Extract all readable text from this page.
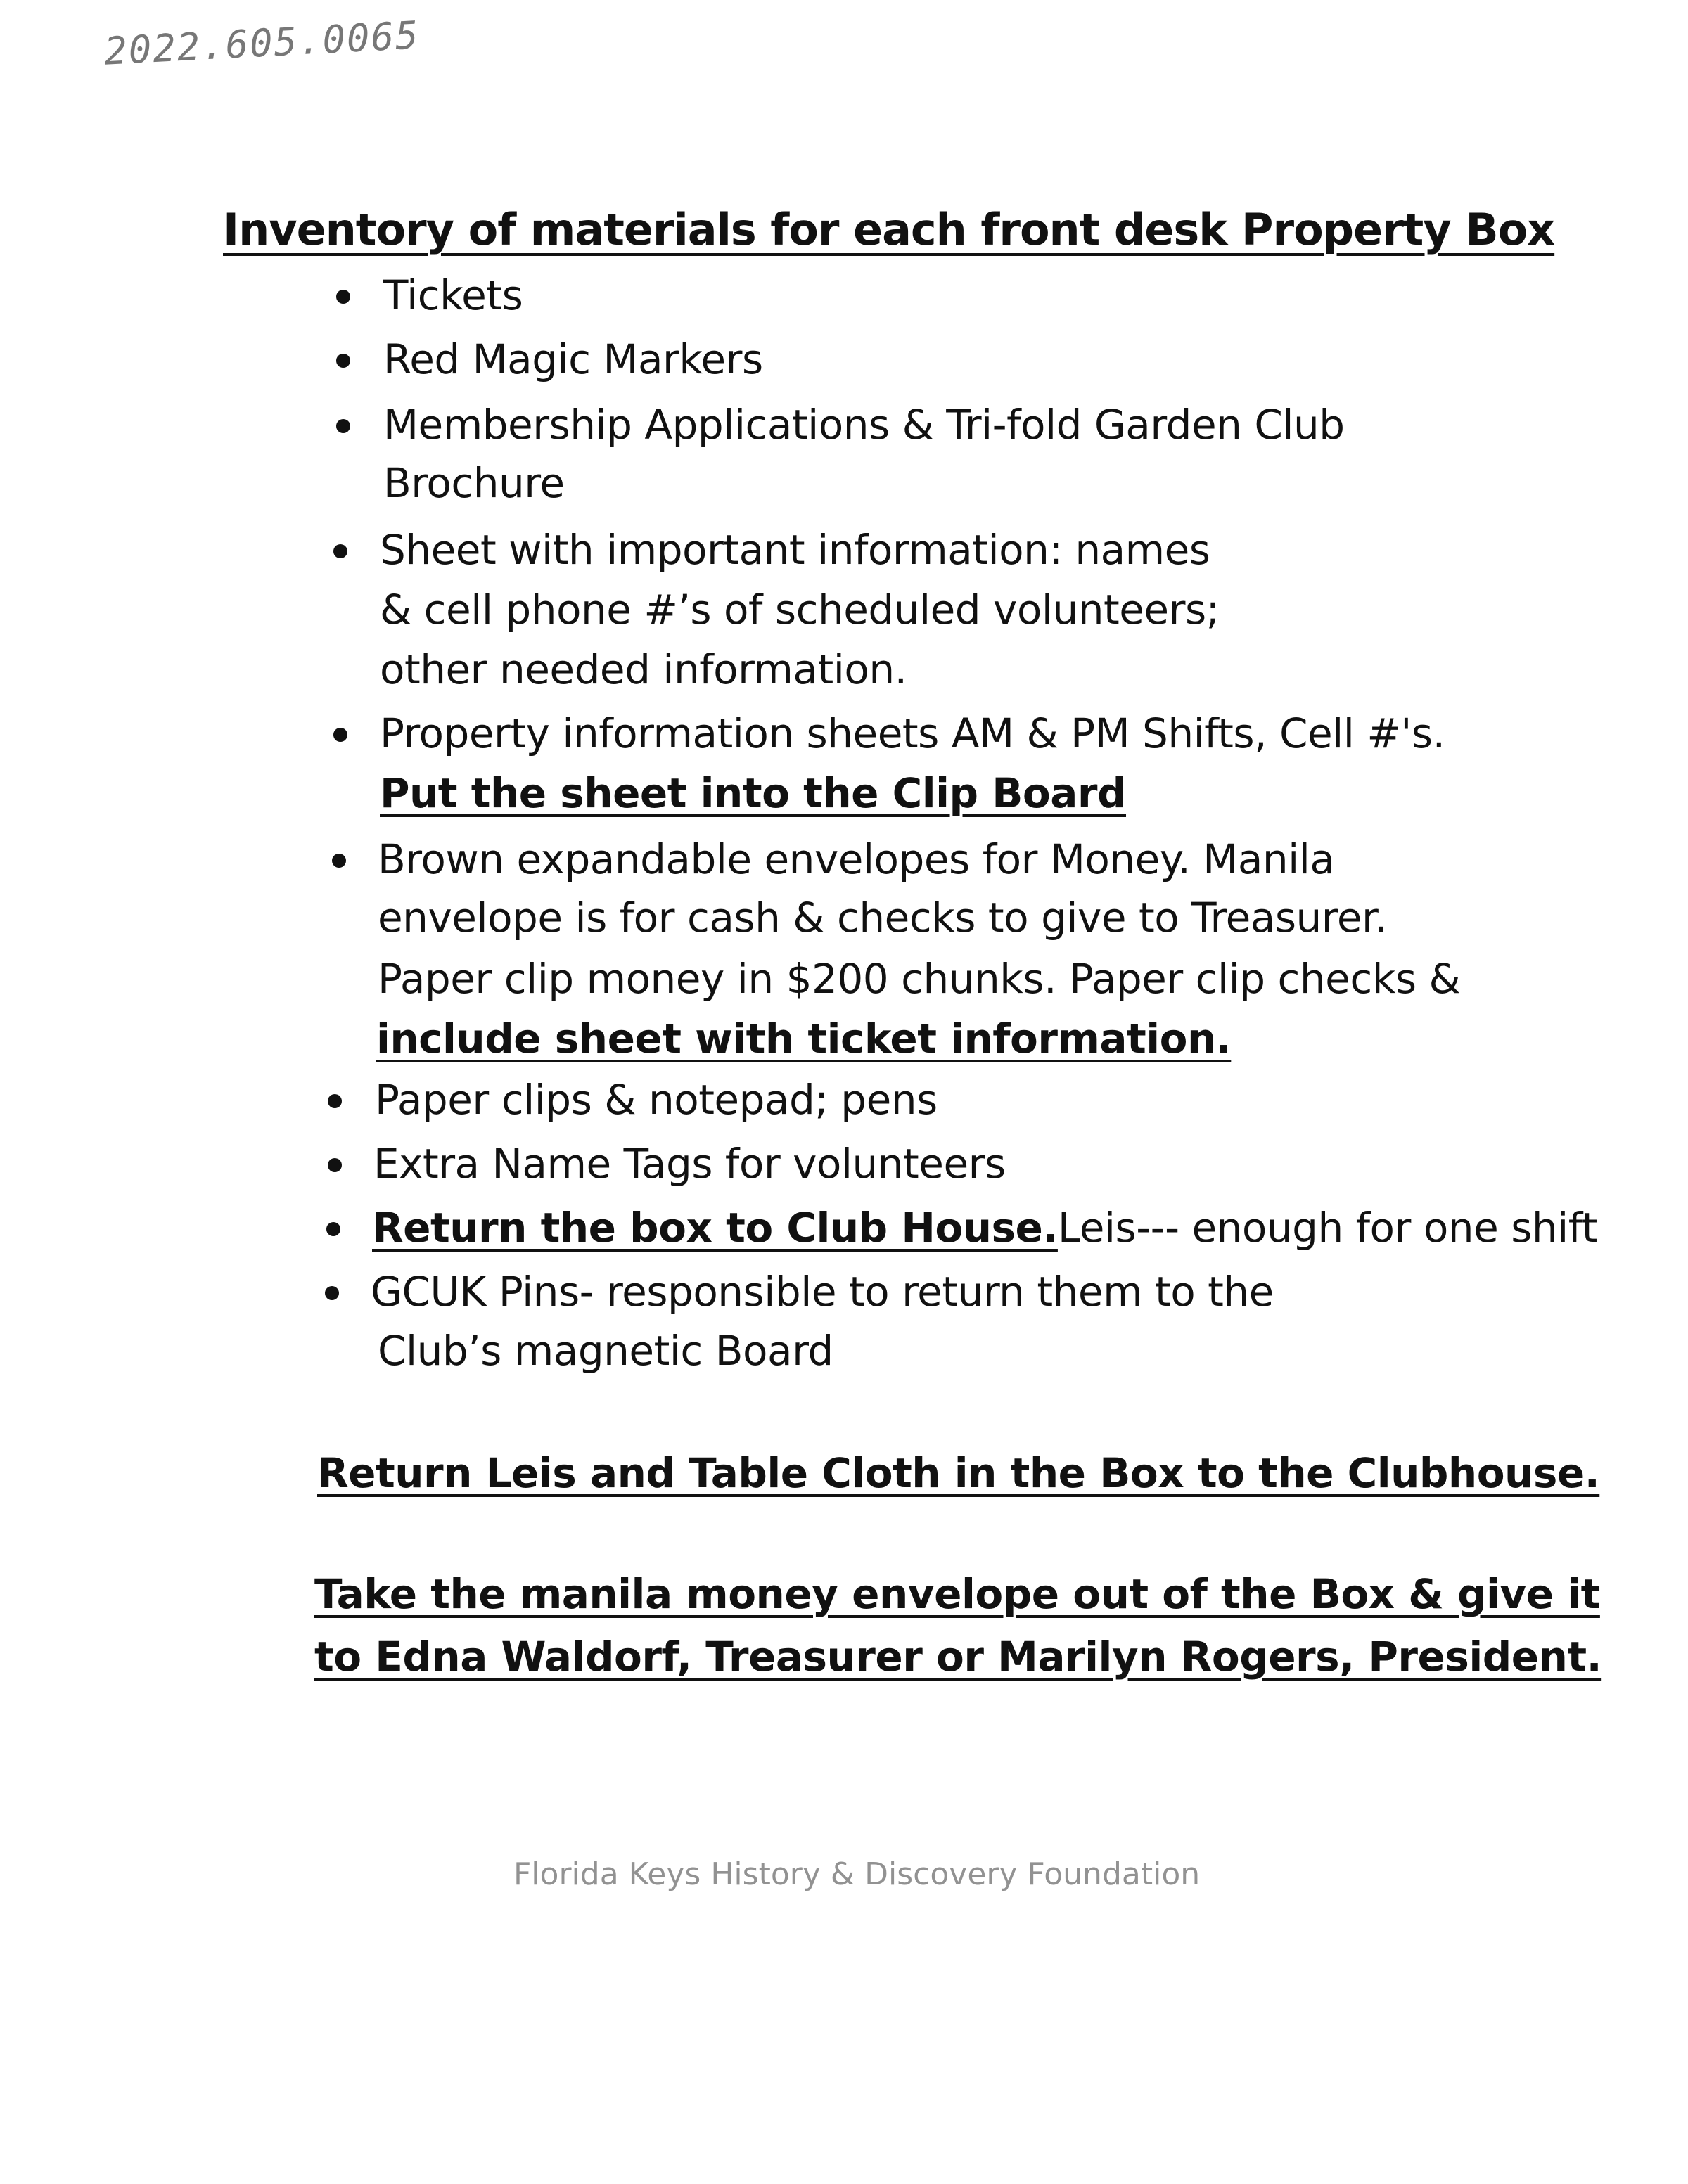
2022.605.0065
Inventory of materials for each front desk Property Box
Tickets
Red Magic Markers
Membership Applications & Tri-fold Garden Club
Brochure
Sheet with important information: names
& cell phone #’s of scheduled volunteers;
other needed information.
Property information sheets AM & PM Shifts, Cell #'s.
Put the sheet into the Clip Board
Brown expandable envelopes for Money. Manila
envelope is for cash & checks to give to Treasurer.
Paper clip money in $200 chunks. Paper clip checks &
include sheet with ticket information.
Paper clips & notepad; pens
Extra Name Tags for volunteers
Return the box to Club House.Leis--- enough for one shift
GCUK Pins- responsible to return them to the
Club’s magnetic Board
Return Leis and Table Cloth in the Box to the Clubhouse.
Take the manila money envelope out of the Box & give it
to Edna Waldorf, Treasurer or Marilyn Rogers, President.
Florida Keys History & Discovery Foundation
